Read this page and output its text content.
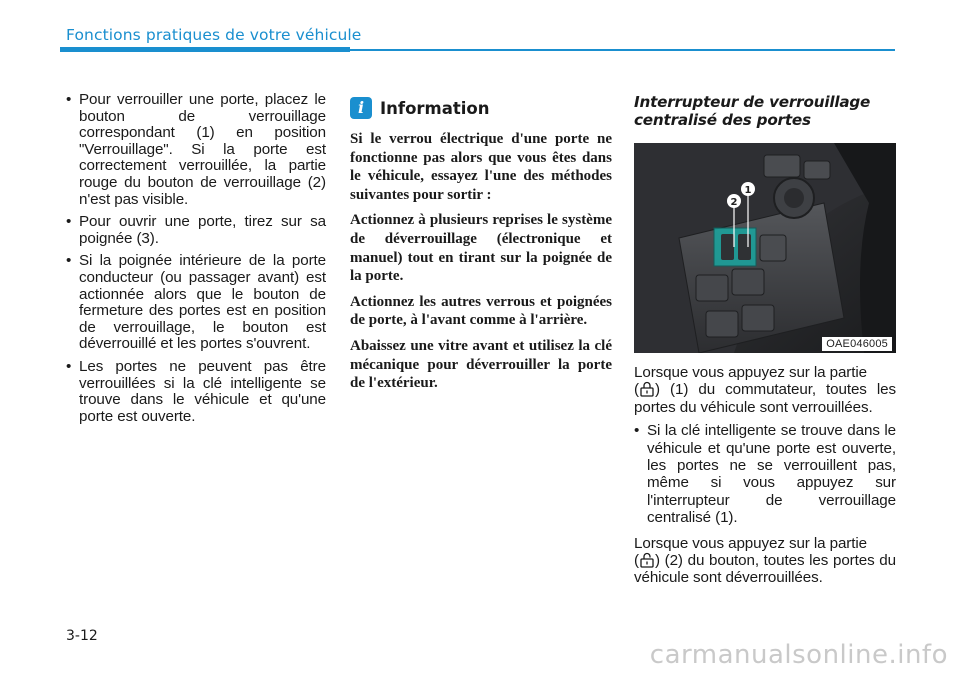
Fonctions pratiques de votre véhicule
• Pour verrouiller une porte, placez le bouton de verrouillage correspondant (1) en position "Verrouillage". Si la porte est correctement verrouillée, la partie rouge du bouton de verrouillage (2) n'est pas visible.
• Pour ouvrir une porte, tirez sur sa poignée (3).
• Si la poignée intérieure de la porte conducteur (ou passager avant) est actionnée alors que le bouton de fermeture des portes est en position de verrouillage, le bouton est déverrouillé et les portes s'ouvrent.
• Les portes ne peuvent pas être verrouillées si la clé intelligente se trouve dans le véhicule et qu'une porte est ouverte.
i Information

Si le verrou électrique d'une porte ne fonctionne pas alors que vous êtes dans le véhicule, essayez l'une des méthodes suivantes pour sortir :

Actionnez à plusieurs reprises le système de déverrouillage (électronique et manuel) tout en tirant sur la poignée de la porte.

Actionnez les autres verrous et poignées de porte, à l'avant comme à l'arrière.

Abaissez une vitre avant et utilisez la clé mécanique pour déverrouiller la porte de l'extérieur.

Interrupteur de verrouillage centralisé des portes
2
1
OAE046005

Lorsque vous appuyez sur la partie
( ) (1) du commutateur, toutes les portes du véhicule sont verrouillées.

• Si la clé intelligente se trouve dans le véhicule et qu'une porte est ouverte, les portes ne se verrouillent pas, même si vous appuyez sur l'interrupteur de verrouillage centralisé (1).

Lorsque vous appuyez sur la partie
( ) (2) du bouton, toutes les portes du véhicule sont déverrouillées.

3-12
carmanualsonline.info
